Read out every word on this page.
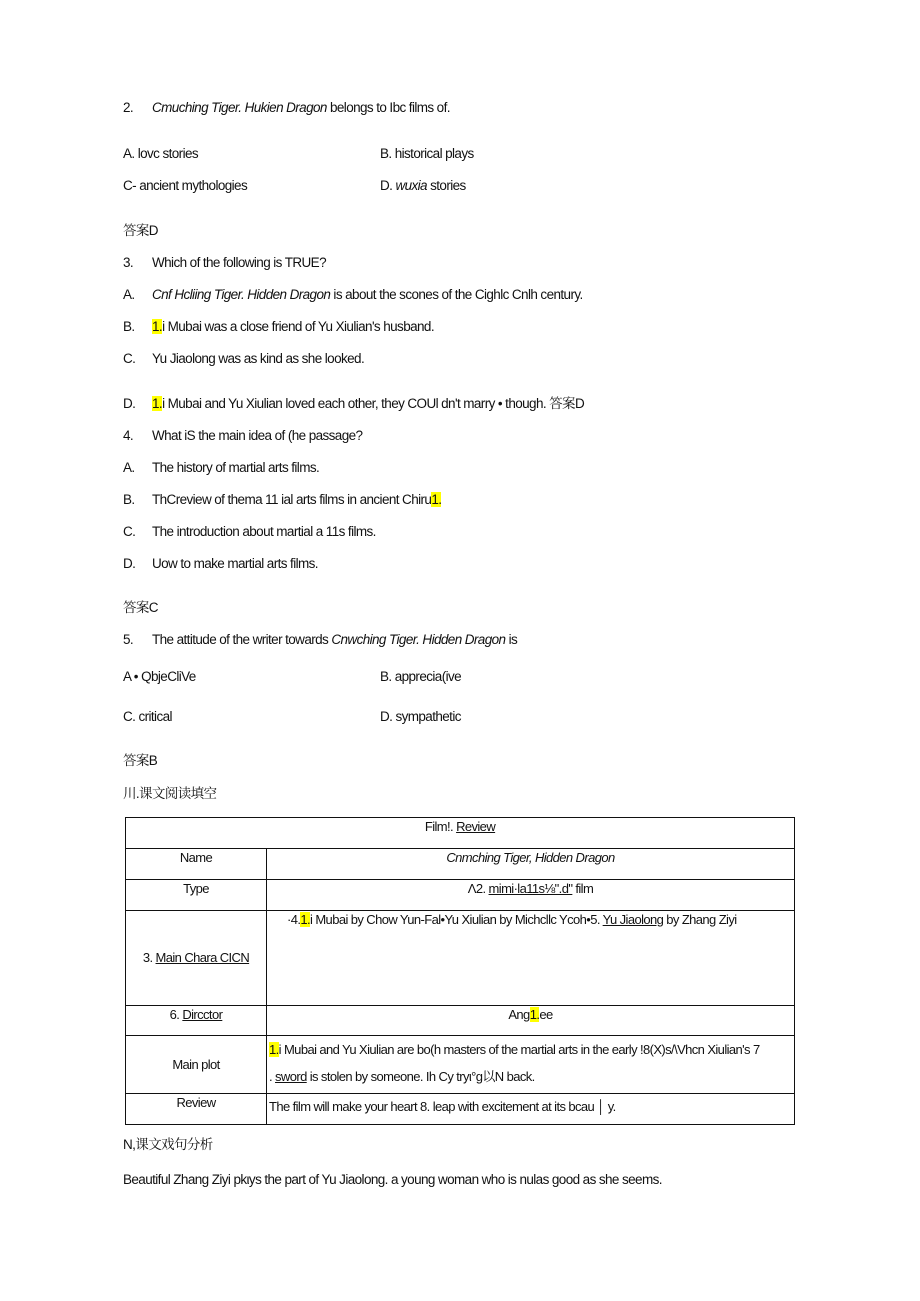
2. Cmuching Tiger. Hukien Dragon belongs to Ibc films of.
A. lovc stories	B. historical plays
C- ancient mythologies	D. wuxia stories
答案D
3. Which of the following is TRUE?
A. Cnf Hcliing Tiger. Hidden Dragon is about the scones of the Cighlc Cnlh century.
B. 1.i Mubai was a close friend of Yu Xiulian's husband.
C. Yu Jiaolong was as kind as she looked.
D. 1.i Mubai and Yu Xiulian loved each other, they COUl dn't marry • though. 答案D
4. What iS the main idea of (he passage?
A. The history of martial arts films.
B. ThCreview of thema 11 ial arts films in ancient Chiru1.
C. The introduction about martial a 11s films.
D. Uow to make martial arts films.
答案C
5. The attitude of the writer towards Cnwching Tiger. Hidden Dragon is
A • QbjeCliVe	B. apprecia(ive
C. critical	D. sympathetic
答案B
川.课文阅读填空
Film!. Review	
Name	Cnmching Tiger, Hidden Dragon
Type	Λ2. mimi·la11s⅛".d" film
3. Main Chara CICN	·4.1.i Mubai by Chow Yun-Fal•Yu Xiulian by Michcllc Ycoh•5. Yu Jiaolong by Zhang Ziyi
6. Dircctor	Ang1.ee
Main plot	1.i Mubai and Yu Xiulian are bo(h masters of the martial arts in the early !8(X)s/\Vhcn Xiulian's 7
. sword is stolen by someone. Ih Cy tryι°g以N back.

Review	The film will make your heart 8. leap with excitement at its bcau │ y.
N,课文戏句分析
Beautiful Zhang Ziyi pkιys the part of Yu Jiaolong. a young woman who is nulas good as she seems.
